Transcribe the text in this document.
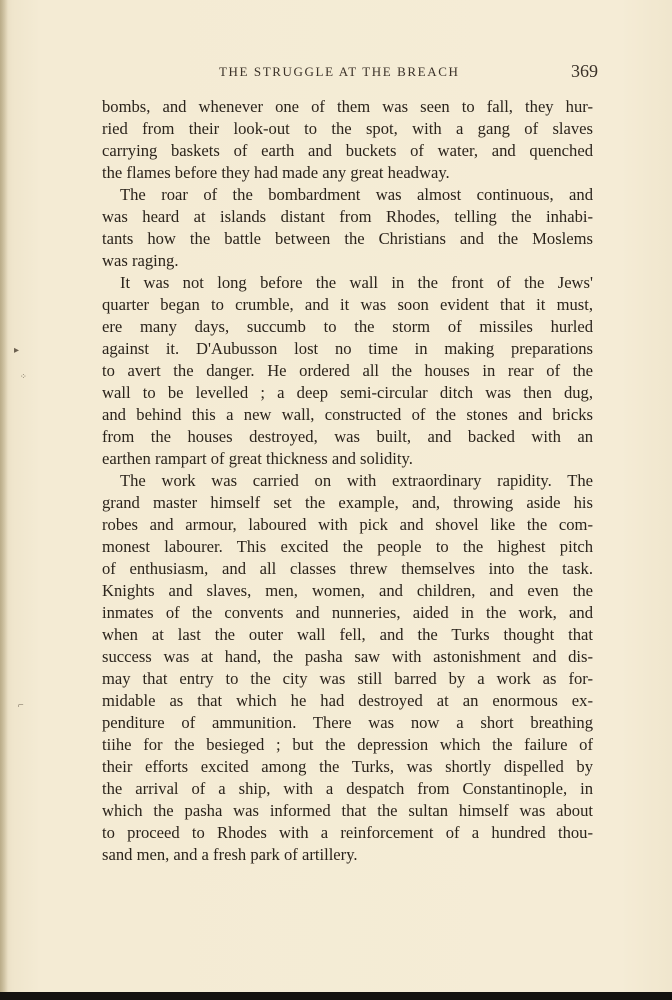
▸
⁘
⌐
THE STRUGGLE AT THE BREACH	369

bombs, and whenever one of them was seen to fall, they hur-
ried from their look-out to the spot, with a gang of slaves
carrying baskets of earth and buckets of water, and quenched
the flames before they had made any great headway.

The roar of the bombardment was almost continuous, and
was heard at islands distant from Rhodes, telling the inhabi-
tants how the battle between the Christians and the Moslems
was raging.

It was not long before the wall in the front of the Jews'
quarter began to crumble, and it was soon evident that it must,
ere many days, succumb to the storm of missiles hurled
against it. D'Aubusson lost no time in making preparations
to avert the danger. He ordered all the houses in rear of the
wall to be levelled ; a deep semi-circular ditch was then dug,
and behind this a new wall, constructed of the stones and bricks
from the houses destroyed, was built, and backed with an
earthen rampart of great thickness and solidity.

The work was carried on with extraordinary rapidity. The
grand master himself set the example, and, throwing aside his
robes and armour, laboured with pick and shovel like the com-
monest labourer. This excited the people to the highest pitch
of enthusiasm, and all classes threw themselves into the task.
Knights and slaves, men, women, and children, and even the
inmates of the convents and nunneries, aided in the work, and
when at last the outer wall fell, and the Turks thought that
success was at hand, the pasha saw with astonishment and dis-
may that entry to the city was still barred by a work as for-
midable as that which he had destroyed at an enormous ex-
penditure of ammunition. There was now a short breathing
tiihe for the besieged ; but the depression which the failure of
their efforts excited among the Turks, was shortly dispelled by
the arrival of a ship, with a despatch from Constantinople, in
which the pasha was informed that the sultan himself was about
to proceed to Rhodes with a reinforcement of a hundred thou-
sand men, and a fresh park of artillery.
